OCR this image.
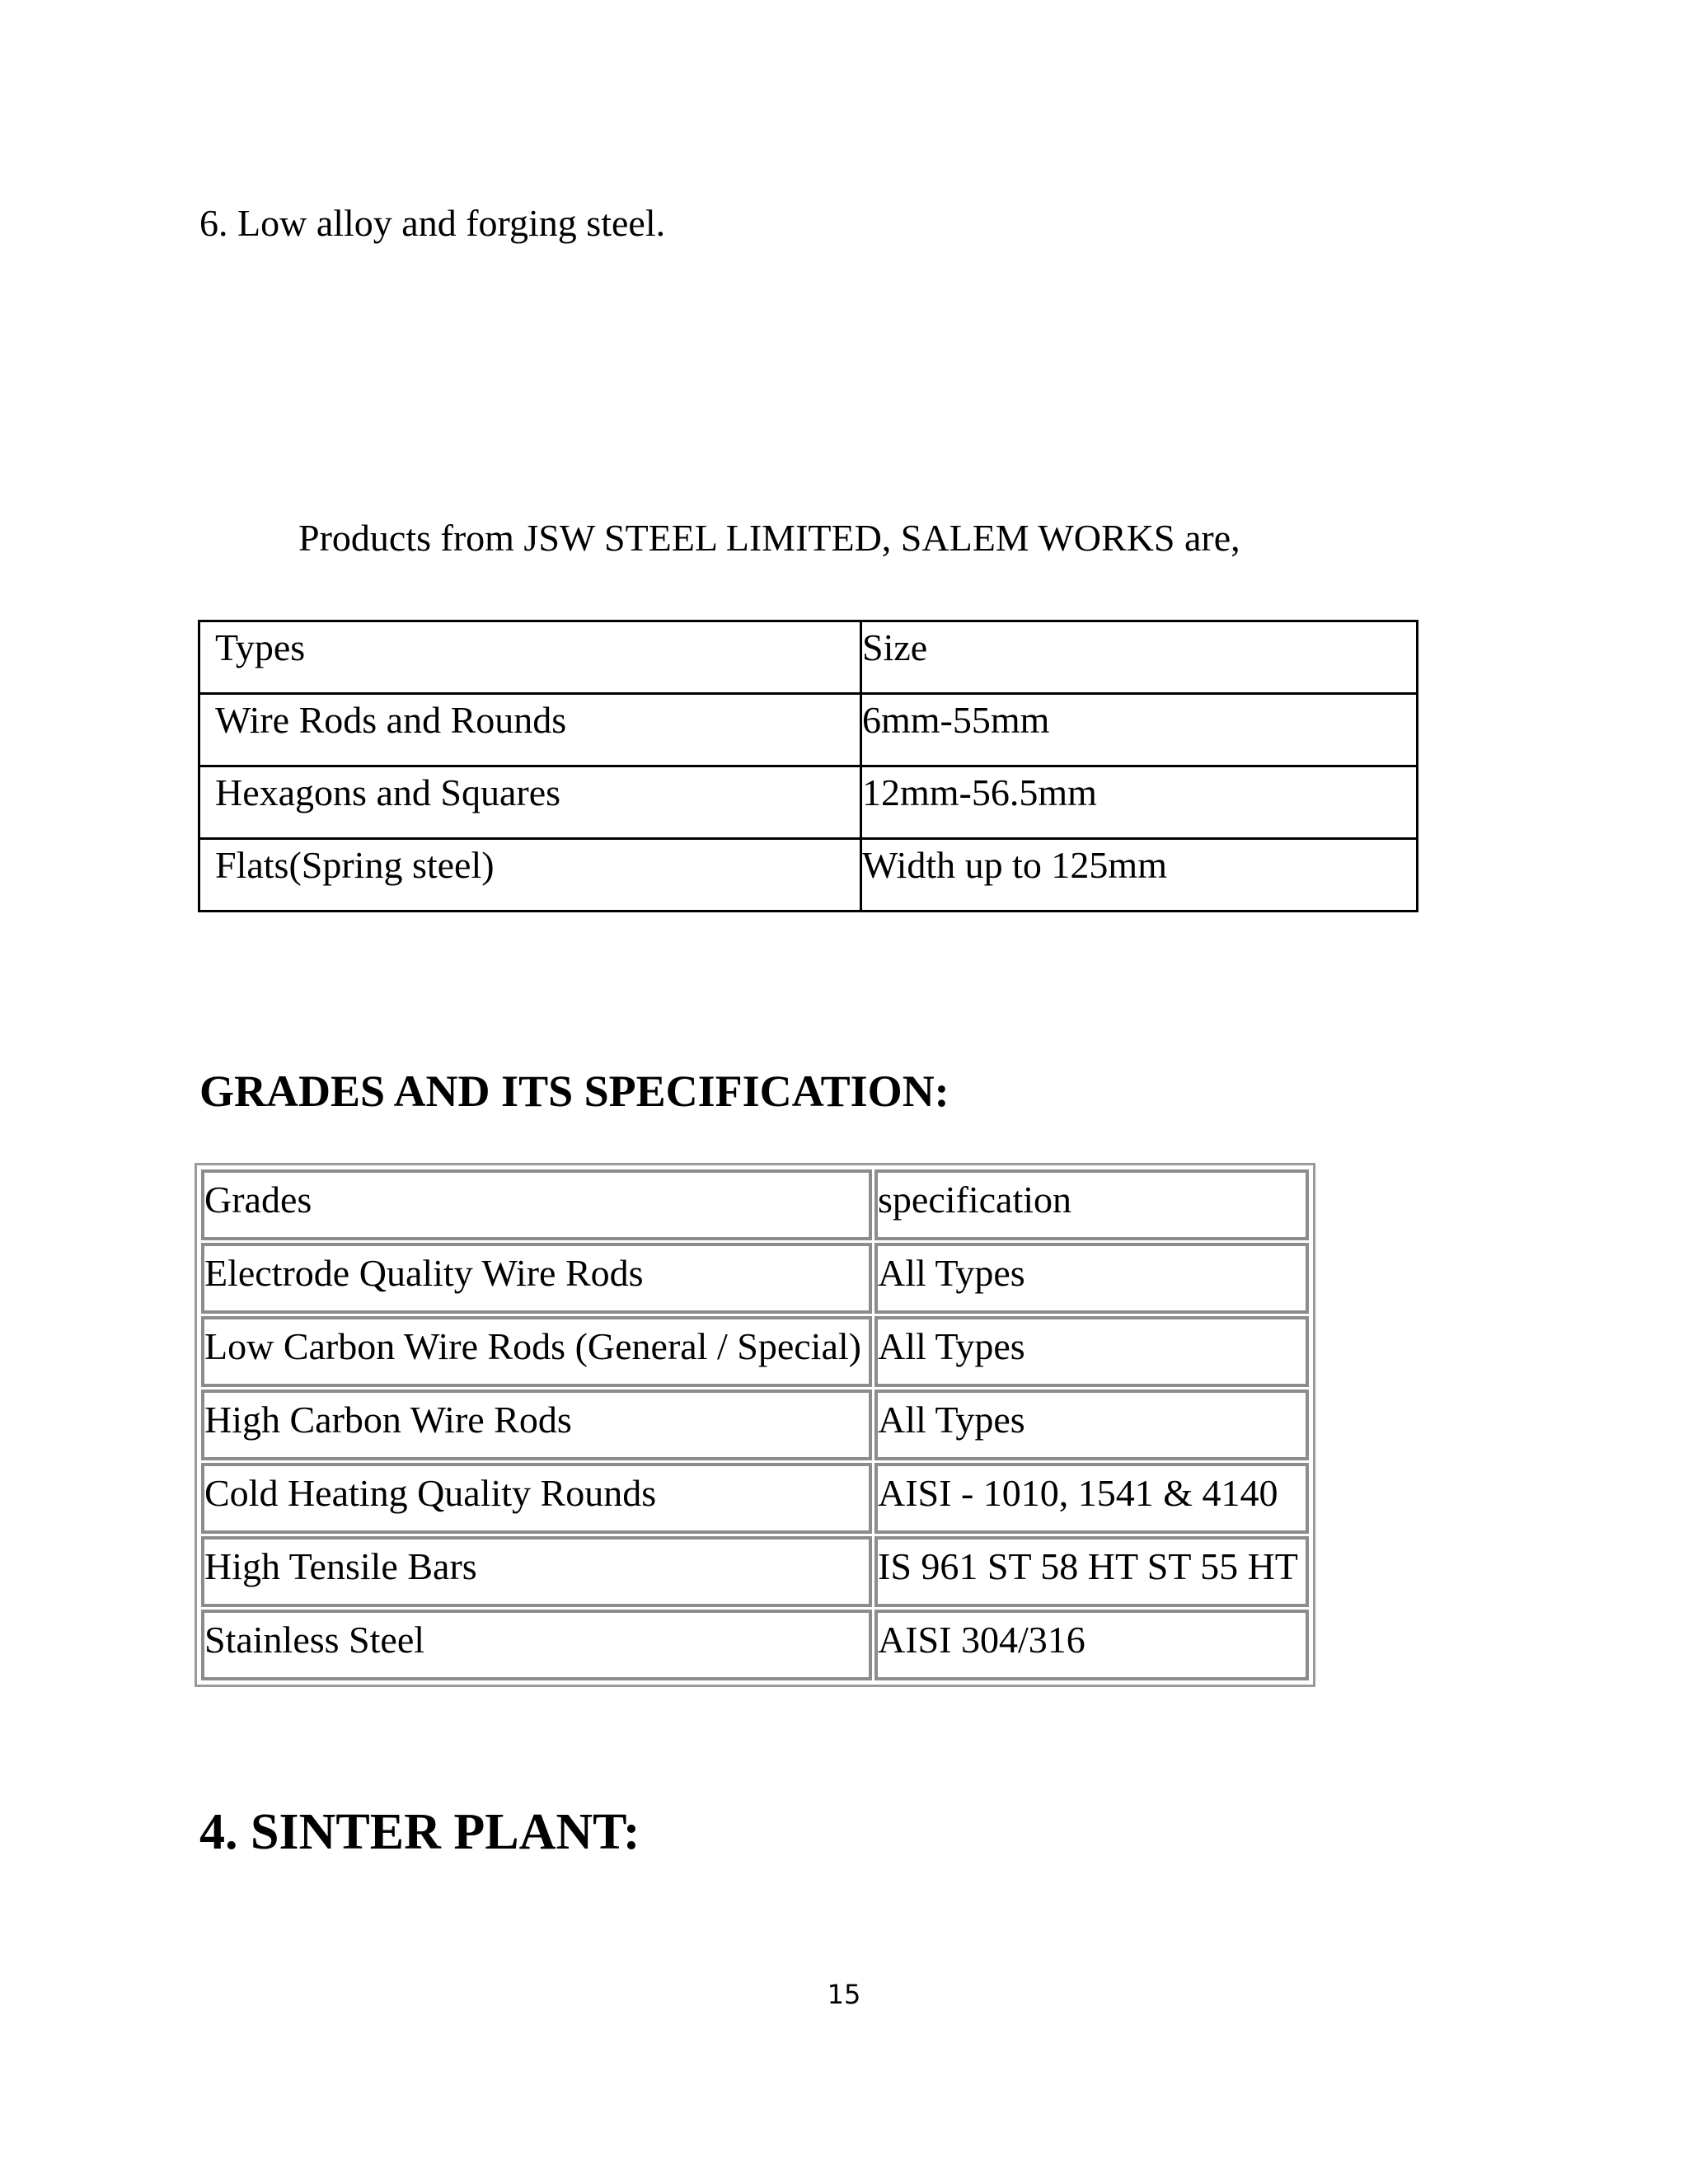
6. Low alloy and forging steel.
Products from JSW STEEL LIMITED, SALEM WORKS are,
Types	Size
Wire Rods and Rounds	6mm-55mm
Hexagons and Squares	12mm-56.5mm
Flats(Spring steel)	Width up to 125mm
GRADES AND ITS SPECIFICATION:
Grades	specification
Electrode Quality Wire Rods	All Types
Low Carbon Wire Rods (General / Special)	All Types
High Carbon Wire Rods	All Types
Cold Heating Quality Rounds	AISI - 1010, 1541 & 4140
High Tensile Bars	IS 961 ST 58 HT ST 55 HT
Stainless Steel	AISI 304/316
4. SINTER PLANT:
15
